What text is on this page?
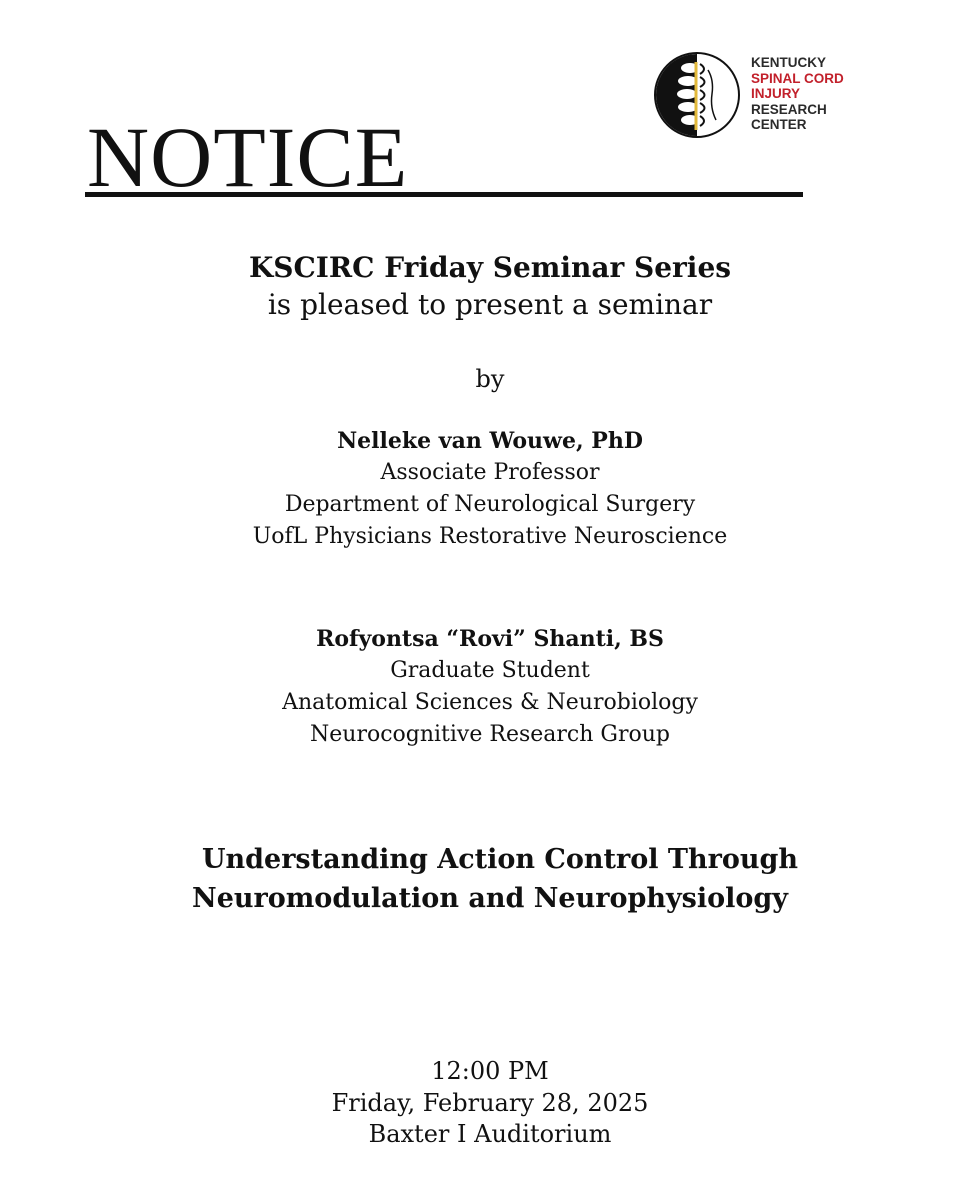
NOTICE
KENTUCKY
SPINAL CORD
INJURY
RESEARCH
CENTER
KSCIRC Friday Seminar Series
is pleased to present a seminar
by
Nelleke van Wouwe, PhD
Associate Professor
Department of Neurological Surgery
UofL Physicians Restorative Neuroscience
Rofyontsa “Rovi” Shanti, BS
Graduate Student
Anatomical Sciences & Neurobiology
Neurocognitive Research Group
Understanding Action Control Through
Neuromodulation and Neurophysiology
12:00 PM
Friday, February 28, 2025
Baxter I Auditorium
